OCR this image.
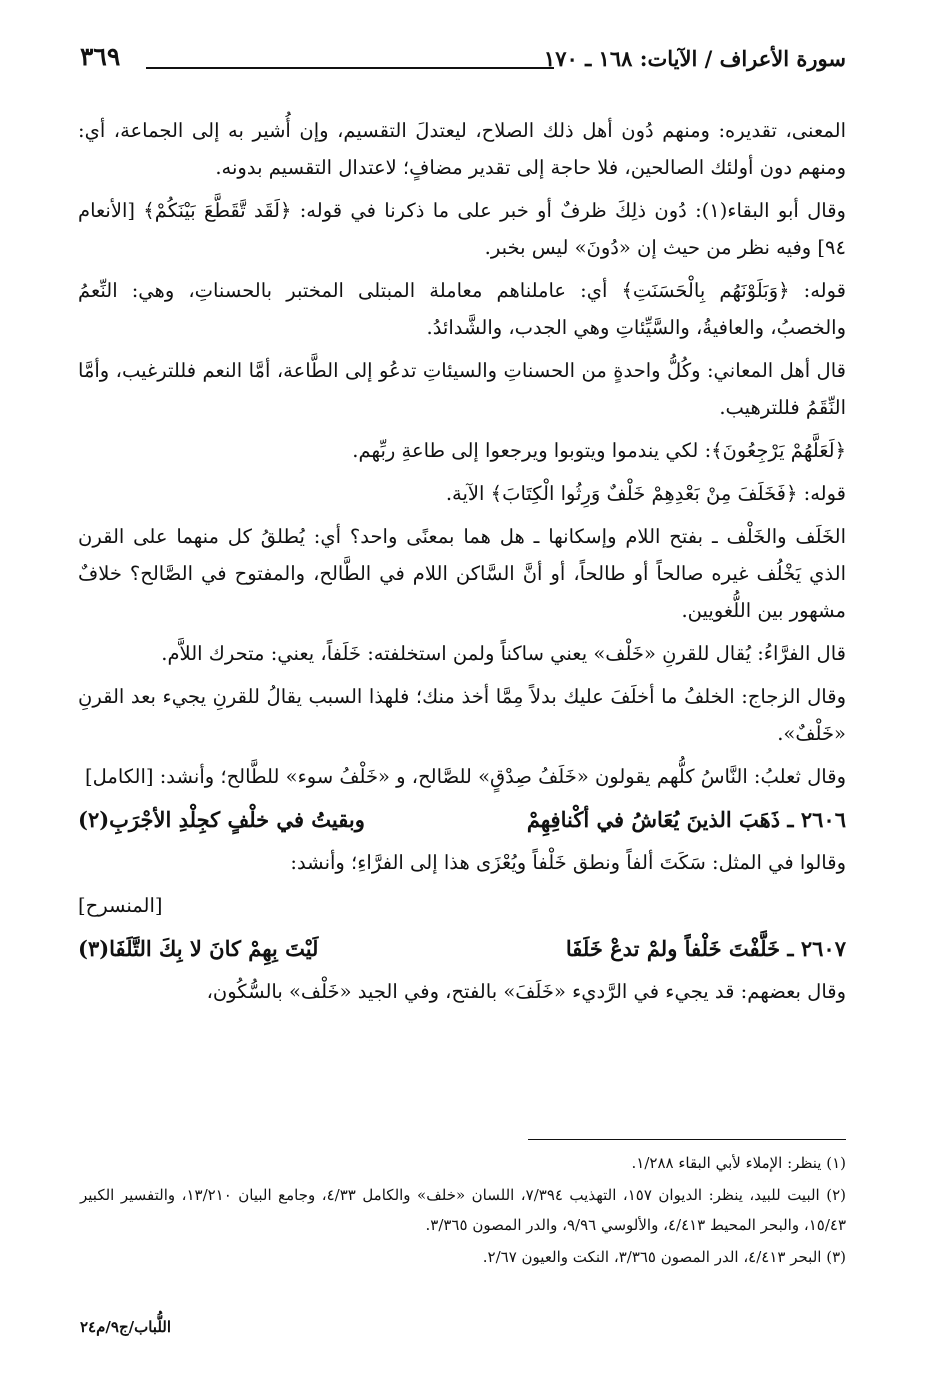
سورة الأعراف / الآيات: ١٦٨ ـ ١٧٠
٣٦٩

المعنى، تقديره: ومنهم دُون أهل ذلك الصلاح، ليعتدلَ التقسيم، وإن أُشير به إلى الجماعة، أي: ومنهم دون أولئك الصالحين، فلا حاجة إلى تقدير مضافٍ؛ لاعتدال التقسيم بدونه.

وقال أبو البقاء(١): دُون ذلِكَ ظرفٌ أو خبر على ما ذكرنا في قوله: ﴿لَقَد تَّقَطَّعَ بَيْنَكُمْ﴾ [الأنعام ٩٤] وفيه نظر من حيث إن «دُونَ» ليس بخبر.

قوله: ﴿وَبَلَوْنَهُم بِالْحَسَنَتِ﴾ أي: عاملناهم معاملة المبتلى المختبر بالحسناتِ، وهي: النِّعمُ والخصبُ، والعافيةُ، والسَّيِّئاتِ وهي الجدب، والشَّدائدُ.

قال أهل المعاني: وكُلُّ واحدةٍ من الحسناتِ والسيئاتِ تدعُو إلى الطَّاعة، أمَّا النعم فللترغيب، وأمَّا النِّقَمُ فللترهيب.

﴿لَعَلَّهُمْ يَرْجِعُونَ﴾: لكي يندموا ويتوبوا ويرجعوا إلى طاعةِ ربِّهم.

قوله: ﴿فَخَلَفَ مِنْ بَعْدِهِمْ خَلْفٌ وَرِثُوا الْكِتَابَ﴾ الآية.

الخَلَف والخَلْف ـ بفتح اللام وإسكانها ـ هل هما بمعنًى واحد؟ أي: يُطلقُ كل منهما على القرن الذي يَخْلُف غيره صالحاً أو طالحاً، أو أنَّ السَّاكن اللام في الطَّالح، والمفتوح في الصَّالح؟ خلافٌ مشهور بين اللُّغويين.

قال الفرَّاءُ: يُقال للقرنِ «خَلْف» يعني ساكناً ولمن استخلفته: خَلَفاً، يعني: متحرك اللاَّم.

وقال الزجاج: الخلفُ ما أخلَفَ عليك بدلاً مِمَّا أخذ منك؛ فلهذا السبب يقالُ للقرنِ يجيء بعد القرنِ «خَلْفٌ».

وقال ثعلبُ: النَّاسُ كلُّهم يقولون «خَلَفُ صِدْقٍ» للصَّالح، و «خَلْفُ سوء» للطَّالح؛ وأنشد: [الكامل]

٢٦٠٦ ـ ذَهَبَ الذينَ يُعَاشُ في أكْنافِهِمْ
وبقيتُ في خلْفٍ كجِلْدِ الأجْرَبِ(٢)

وقالوا في المثل: سَكَتَ ألفاً ونطق خَلْفاً ويُعْزَى هذا إلى الفرَّاءِ؛ وأنشد:

[المنسرح]

٢٦٠٧ ـ خَلَّفْتَ خَلْفاً ولمْ تدعْ خَلَفَا
لَيْتَ بِهِمْ كانَ لا بِكَ التَّلَفَا(٣)

وقال بعضهم: قد يجيء في الرَّديء «خَلَفَ» بالفتح، وفي الجيد «خَلْف» بالسُّكُون،

(١) ينظر: الإملاء لأبي البقاء ١/٢٨٨.

(٢) البيت للبيد، ينظر: الديوان ١٥٧، التهذيب ٧/٣٩٤، اللسان «خلف» والكامل ٤/٣٣، وجامع البيان ١٣/٢١٠، والتفسير الكبير ١٥/٤٣، والبحر المحيط ٤/٤١٣، والألوسي ٩/٩٦، والدر المصون ٣/٣٦٥.

(٣) البحر ٤/٤١٣، الدر المصون ٣/٣٦٥، النكت والعيون ٢/٦٧.

اللُّباب/ج٩/م٢٤
